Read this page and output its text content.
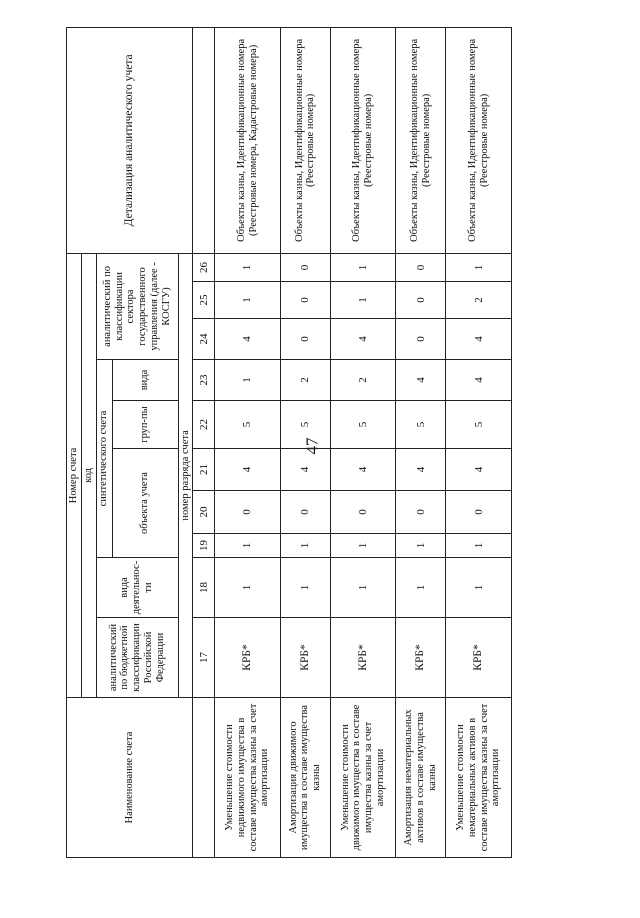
47
Наименование счета	Номер счета										Детализация аналитического учета
	код										
	аналитический по бюджетной классификации Российской Федерации	вида деятельнос-ти	синтетического счета					аналитический по классификации сектора государственного управления (далее - КОСГУ)			
			объекта учета			груп-пы	вида				
	номер разряда счета										
	17	18	19	20	21	22	23	24	25	26	
Уменьшение стоимости недвижимого имущества в составе имущества казны за счет амортизации	КРБ*	1	1	0	4	5	1	4	1	1	Объекты казны, Идентификационные номера (Реестровые номера, Кадастровые номера)
Амортизация движимого имущества в составе имущества казны	КРБ*	1	1	0	4	5	2	0	0	0	Объекты казны, Идентификационные номера (Реестровые номера)
Уменьшение стоимости движимого имущества в составе имущества казны за счет амортизации	КРБ*	1	1	0	4	5	2	4	1	1	Объекты казны, Идентификационные номера (Реестровые номера)
Амортизация нематериальных активов в составе имущества казны	КРБ*	1	1	0	4	5	4	0	0	0	Объекты казны, Идентификационные номера (Реестровые номера)
Уменьшение стоимости нематериальных активов в составе имущества казны за счет амортизации	КРБ*	1	1	0	4	5	4	4	2	1	Объекты казны, Идентификационные номера (Реестровые номера)
